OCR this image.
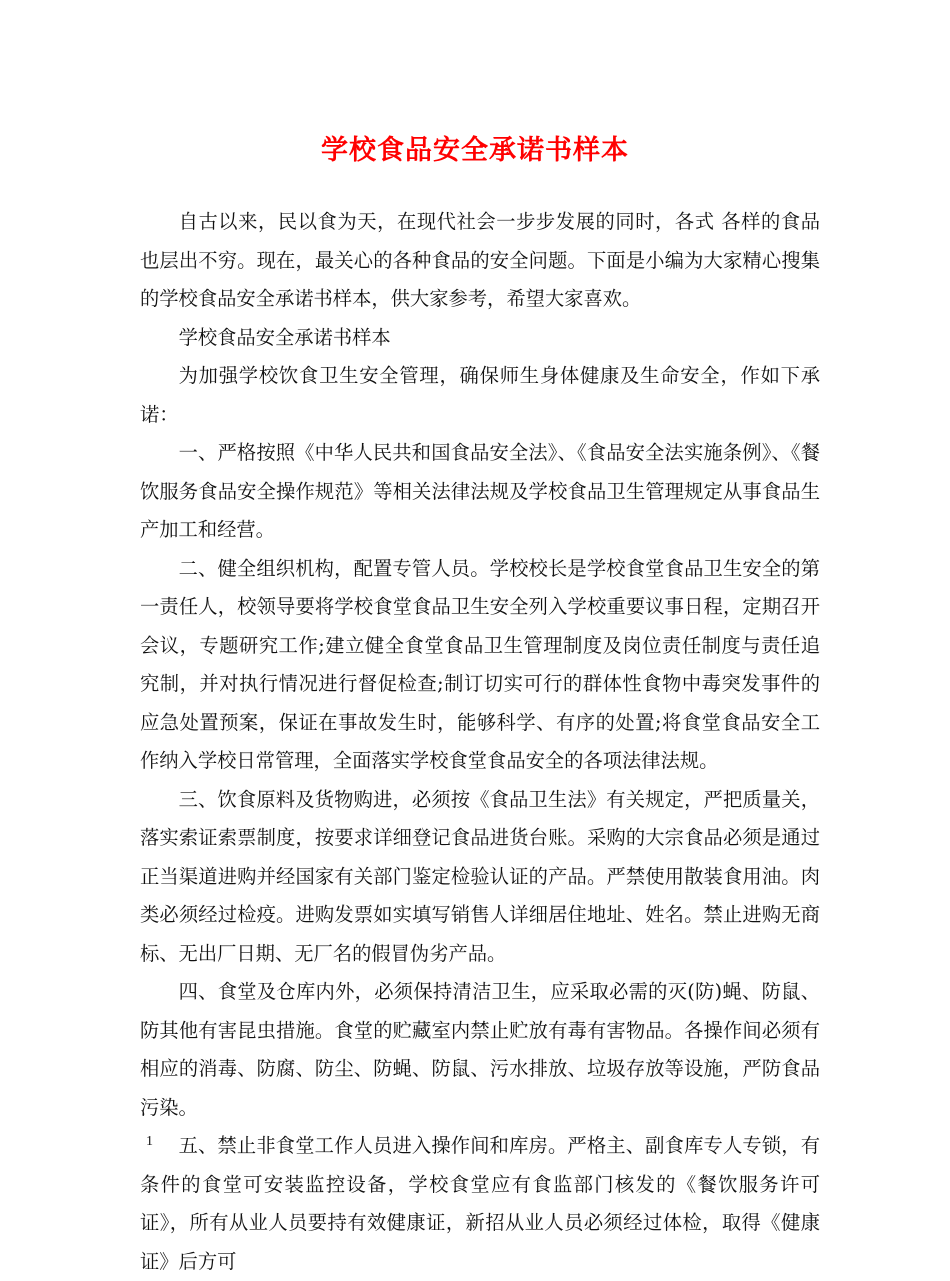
学校食品安全承诺书样本

自古以来，民以食为天，在现代社会一步步发展的同时，各式 各样的食品也层出不穷。现在，最关心的各种食品的安全问题。下面是小编为大家精心搜集的学校食品安全承诺书样本，供大家参考，希望大家喜欢。

学校食品安全承诺书样本

为加强学校饮食卫生安全管理，确保师生身体健康及生命安全，作如下承诺：

一、严格按照《中华人民共和国食品安全法》、《食品安全法实施条例》、《餐饮服务食品安全操作规范》等相关法律法规及学校食品卫生管理规定从事食品生产加工和经营。

二、健全组织机构，配置专管人员。学校校长是学校食堂食品卫生安全的第一责任人，校领导要将学校食堂食品卫生安全列入学校重要议事日程，定期召开会议，专题研究工作;建立健全食堂食品卫生管理制度及岗位责任制度与责任追究制，并对执行情况进行督促检查;制订切实可行的群体性食物中毒突发事件的应急处置预案，保证在事故发生时，能够科学、有序的处置;将食堂食品安全工作纳入学校日常管理，全面落实学校食堂食品安全的各项法律法规。

三、饮食原料及货物购进，必须按《食品卫生法》有关规定，严把质量关，落实索证索票制度，按要求详细登记食品进货台账。采购的大宗食品必须是通过正当渠道进购并经国家有关部门鉴定检验认证的产品。严禁使用散装食用油。肉类必须经过检疫。进购发票如实填写销售人详细居住地址、姓名。禁止进购无商标、无出厂日期、无厂名的假冒伪劣产品。

四、食堂及仓库内外，必须保持清洁卫生，应采取必需的灭(防)蝇、防鼠、防其他有害昆虫措施。食堂的贮藏室内禁止贮放有毒有害物品。各操作间必须有相应的消毒、防腐、防尘、防蝇、防鼠、污水排放、垃圾存放等设施，严防食品污染。

五、禁止非食堂工作人员进入操作间和库房。严格主、副食库专人专锁，有条件的食堂可安装监控设备，学校食堂应有食监部门核发的《餐饮服务许可证》，所有从业人员要持有效健康证，新招从业人员必须经过体检，取得《健康证》后方可

1
